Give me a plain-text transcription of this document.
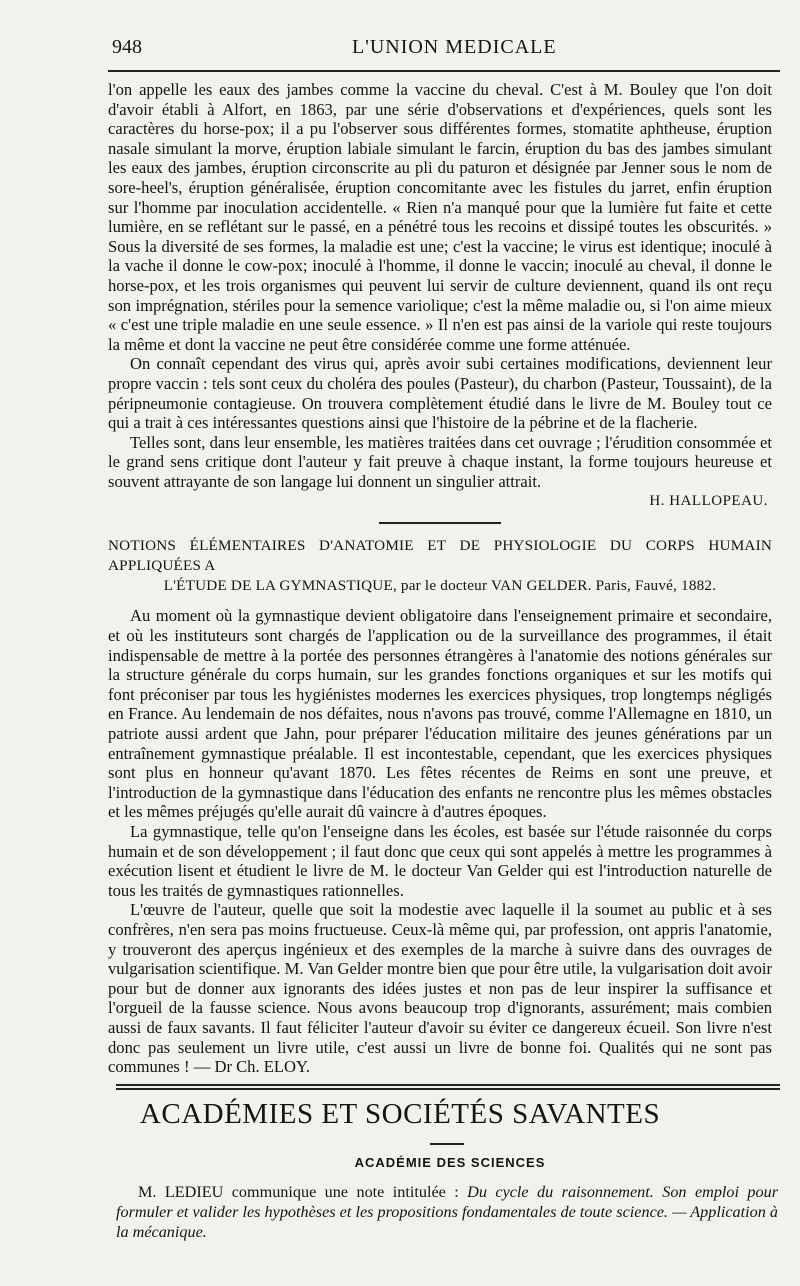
948	L'UNION MEDICALE

l'on appelle les eaux des jambes comme la vaccine du cheval. C'est à M. Bouley que l'on doit d'avoir établi à Alfort, en 1863, par une série d'observations et d'expériences, quels sont les caractères du horse-pox; il a pu l'observer sous différentes formes, stomatite aphtheuse, éruption nasale simulant la morve, éruption labiale simulant le farcin, éruption du bas des jambes simulant les eaux des jambes, éruption circonscrite au pli du paturon et désignée par Jenner sous le nom de sore-heel's, éruption généralisée, éruption concomitante avec les fistules du jarret, enfin éruption sur l'homme par inoculation accidentelle. « Rien n'a manqué pour que la lumière fut faite et cette lumière, en se reflétant sur le passé, en a pénétré tous les recoins et dissipé toutes les obscurités. » Sous la diversité de ses formes, la maladie est une; c'est la vaccine; le virus est identique; inoculé à la vache il donne le cow-pox; inoculé à l'homme, il donne le vaccin; inoculé au cheval, il donne le horse-pox, et les trois organismes qui peuvent lui servir de culture deviennent, quand ils ont reçu son imprégnation, stériles pour la semence variolique; c'est la même maladie ou, si l'on aime mieux « c'est une triple maladie en une seule essence. » Il n'en est pas ainsi de la variole qui reste toujours la même et dont la vaccine ne peut être considérée comme une forme atténuée.

On connaît cependant des virus qui, après avoir subi certaines modifications, deviennent leur propre vaccin : tels sont ceux du choléra des poules (Pasteur), du charbon (Pasteur, Toussaint), de la péripneumonie contagieuse. On trouvera complètement étudié dans le livre de M. Bouley tout ce qui a trait à ces intéressantes questions ainsi que l'histoire de la pébrine et de la flacherie.

Telles sont, dans leur ensemble, les matières traitées dans cet ouvrage ; l'érudition consommée et le grand sens critique dont l'auteur y fait preuve à chaque instant, la forme toujours heureuse et souvent attrayante de son langage lui donnent un singulier attrait.

H. HALLOPEAU.
NOTIONS ÉLÉMENTAIRES D'ANATOMIE ET DE PHYSIOLOGIE DU CORPS HUMAIN APPLIQUÉES A
L'ÉTUDE DE LA GYMNASTIQUE, par le docteur VAN GELDER. Paris, Fauvé, 1882.

Au moment où la gymnastique devient obligatoire dans l'enseignement primaire et secondaire, et où les instituteurs sont chargés de l'application ou de la surveillance des programmes, il était indispensable de mettre à la portée des personnes étrangères à l'anatomie des notions générales sur la structure générale du corps humain, sur les grandes fonctions organiques et sur les motifs qui font préconiser par tous les hygiénistes modernes les exercices physiques, trop longtemps négligés en France. Au lendemain de nos défaites, nous n'avons pas trouvé, comme l'Allemagne en 1810, un patriote aussi ardent que Jahn, pour préparer l'éducation militaire des jeunes générations par un entraînement gymnastique préalable. Il est incontestable, cependant, que les exercices physiques sont plus en honneur qu'avant 1870. Les fêtes récentes de Reims en sont une preuve, et l'introduction de la gymnastique dans l'éducation des enfants ne rencontre plus les mêmes obstacles et les mêmes préjugés qu'elle aurait dû vaincre à d'autres époques.

La gymnastique, telle qu'on l'enseigne dans les écoles, est basée sur l'étude raisonnée du corps humain et de son développement ; il faut donc que ceux qui sont appelés à mettre les programmes à exécution lisent et étudient le livre de M. le docteur Van Gelder qui est l'introduction naturelle de tous les traités de gymnastiques rationnelles.

L'œuvre de l'auteur, quelle que soit la modestie avec laquelle il la soumet au public et à ses confrères, n'en sera pas moins fructueuse. Ceux-là même qui, par profession, ont appris l'anatomie, y trouveront des aperçus ingénieux et des exemples de la marche à suivre dans des ouvrages de vulgarisation scientifique. M. Van Gelder montre bien que pour être utile, la vulgarisation doit avoir pour but de donner aux ignorants des idées justes et non pas de leur inspirer la suffisance et l'orgueil de la fausse science. Nous avons beaucoup trop d'ignorants, assurément; mais combien aussi de faux savants. Il faut féliciter l'auteur d'avoir su éviter ce dangereux écueil. Son livre n'est donc pas seulement un livre utile, c'est aussi un livre de bonne foi. Qualités qui ne sont pas communes ! — Dr Ch. ELOY.

ACADÉMIES ET SOCIÉTÉS SAVANTES
ACADÉMIE DES SCIENCES

M. LEDIEU communique une note intitulée : Du cycle du raisonnement. Son emploi pour formuler et valider les hypothèses et les propositions fondamentales de toute science. — Application à la mécanique.
